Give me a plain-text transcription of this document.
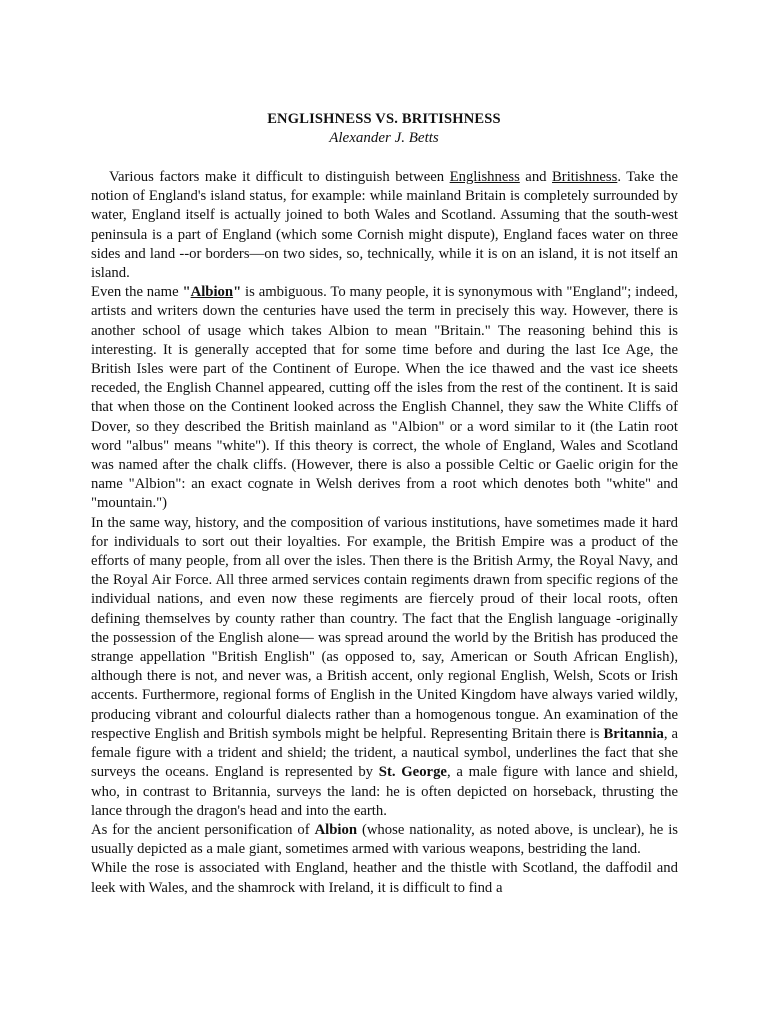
ENGLISHNESS VS. BRITISHNESS

Alexander J. Betts

Various factors make it difficult to distinguish between Englishness and Britishness. Take the notion of England's island status, for example: while mainland Britain is completely surrounded by water, England itself is actually joined to both Wales and Scotland. Assuming that the south-west peninsula is a part of England (which some Cornish might dispute), England faces water on three sides and land --or borders—on two sides, so, technically, while it is on an island, it is not itself an island.

Even the name "Albion" is ambiguous. To many people, it is synonymous with "England"; indeed, artists and writers down the centuries have used the term in precisely this way. However, there is another school of usage which takes Albion to mean "Britain." The reasoning behind this is interesting. It is generally accepted that for some time before and during the last Ice Age, the British Isles were part of the Continent of Europe. When the ice thawed and the vast ice sheets receded, the English Channel appeared, cutting off the isles from the rest of the continent. It is said that when those on the Continent looked across the English Channel, they saw the White Cliffs of Dover, so they described the British mainland as "Albion" or a word similar to it (the Latin root word "albus" means "white"). If this theory is correct, the whole of England, Wales and Scotland was named after the chalk cliffs. (However, there is also a possible Celtic or Gaelic origin for the name "Albion": an exact cognate in Welsh derives from a root which denotes both "white" and "mountain.")

In the same way, history, and the composition of various institutions, have sometimes made it hard for individuals to sort out their loyalties. For example, the British Empire was a product of the efforts of many people, from all over the isles. Then there is the British Army, the Royal Navy, and the Royal Air Force. All three armed services contain regiments drawn from specific regions of the individual nations, and even now these regiments are fiercely proud of their local roots, often defining themselves by county rather than country. The fact that the English language -originally the possession of the English alone— was spread around the world by the British has produced the strange appellation "British English" (as opposed to, say, American or South African English), although there is not, and never was, a British accent, only regional English, Welsh, Scots or Irish accents. Furthermore, regional forms of English in the United Kingdom have always varied wildly, producing vibrant and colourful dialects rather than a homogenous tongue. An examination of the respective English and British symbols might be helpful. Representing Britain there is Britannia, a female figure with a trident and shield; the trident, a nautical symbol, underlines the fact that she surveys the oceans. England is represented by St. George, a male figure with lance and shield, who, in contrast to Britannia, surveys the land: he is often depicted on horseback, thrusting the lance through the dragon's head and into the earth.

As for the ancient personification of Albion (whose nationality, as noted above, is unclear), he is usually depicted as a male giant, sometimes armed with various weapons, bestriding the land.

While the rose is associated with England, heather and the thistle with Scotland, the daffodil and leek with Wales, and the shamrock with Ireland, it is difficult to find a
